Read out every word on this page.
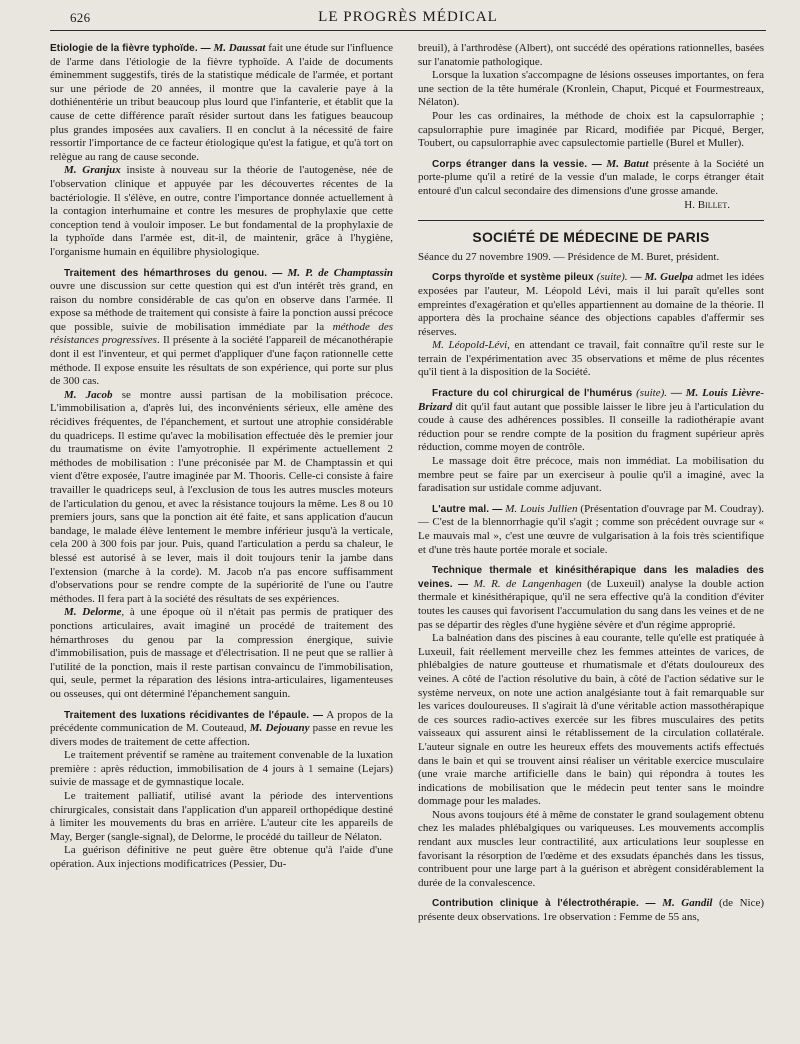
626	LE PROGRÈS MÉDICAL

Etiologie de la fièvre typhoïde. — M. Daussat fait une étude sur l'influence de l'arme dans l'étiologie de la fièvre typhoïde. A l'aide de documents éminemment suggestifs, tirés de la statistique médicale de l'armée, et portant sur une période de 20 années, il montre que la cavalerie paye à la dothiénentérie un tribut beaucoup plus lourd que l'infanterie, et établit que la cause de cette différence paraît résider surtout dans les fatigues beaucoup plus grandes imposées aux cavaliers. Il en conclut à la nécessité de faire ressortir l'importance de ce facteur étiologique qu'est la fatigue, et qu'à tort on relègue au rang de cause seconde.

M. Granjux insiste à nouveau sur la théorie de l'autogenèse, née de l'observation clinique et appuyée par les découvertes récentes de la bactériologie. Il s'élève, en outre, contre l'importance donnée actuellement à la contagion interhumaine et contre les mesures de prophylaxie que cette conception tend à vouloir imposer. Le but fondamental de la prophylaxie de la typhoïde dans l'armée est, dit-il, de maintenir, grâce à l'hygiène, l'organisme humain en équilibre physiologique.

Traitement des hémarthroses du genou. — M. P. de Champtassin ouvre une discussion sur cette question qui est d'un intérêt très grand, en raison du nombre considérable de cas qu'on en observe dans l'armée. Il expose sa méthode de traitement qui consiste à faire la ponction aussi précoce que possible, suivie de mobilisation immédiate par la méthode des résistances progressives. Il présente à la société l'appareil de mécanothérapie dont il est l'inventeur, et qui permet d'appliquer d'une façon rationnelle cette méthode. Il expose ensuite les résultats de son expérience, qui porte sur plus de 300 cas.

M. Jacob se montre aussi partisan de la mobilisation précoce. L'immobilisation a, d'après lui, des inconvénients sérieux, elle amène des récidives fréquentes, de l'épanchement, et surtout une atrophie considérable du quadriceps. Il estime qu'avec la mobilisation effectuée dès le premier jour du traumatisme on évite l'amyotrophie. Il expérimente actuellement 2 méthodes de mobilisation : l'une préconisée par M. de Champtassin et qui vient d'être exposée, l'autre imaginée par M. Thooris. Celle-ci consiste à faire travailler le quadriceps seul, à l'exclusion de tous les autres muscles moteurs de l'articulation du genou, et avec la résistance toujours la même. Les 8 ou 10 premiers jours, sans que la ponction ait été faite, et sans application d'aucun bandage, le malade élève lentement le membre inférieur jusqu'à la verticale, cela 200 à 300 fois par jour. Puis, quand l'articulation a perdu sa chaleur, le blessé est autorisé à se lever, mais il doit toujours tenir la jambe dans l'extension (marche à la corde). M. Jacob n'a pas encore suffisamment d'observations pour se rendre compte de la supériorité de l'une ou l'autre méthodes. Il fera part à la société des résultats de ses expériences.

M. Delorme, à une époque où il n'était pas permis de pratiquer des ponctions articulaires, avait imaginé un procédé de traitement des hémarthroses du genou par la compression énergique, suivie d'immobilisation, puis de massage et d'électrisation. Il ne peut que se rallier à l'utilité de la ponction, mais il reste partisan convaincu de l'immobilisation, qui, seule, permet la réparation des lésions intra-articulaires, ligamenteuses ou osseuses, qui ont déterminé l'épanchement sanguin.

Traitement des luxations récidivantes de l'épaule. — A propos de la précédente communication de M. Couteaud, M. Dejouany passe en revue les divers modes de traitement de cette affection.

Le traitement préventif se ramène au traitement convenable de la luxation première : après réduction, immobilisation de 4 jours à 1 semaine (Lejars) suivie de massage et de gymnastique locale.

Le traitement palliatif, utilisé avant la période des interventions chirurgicales, consistait dans l'application d'un appareil orthopédique destiné à limiter les mouvements du bras en arrière. L'auteur cite les appareils de May, Berger (sangle-signal), de Delorme, le procédé du tailleur de Nélaton.

La guérison définitive ne peut guère être obtenue qu'à l'aide d'une opération. Aux injections modificatrices (Pessier, Du-

breuil), à l'arthrodèse (Albert), ont succédé des opérations rationnelles, basées sur l'anatomie pathologique.

Lorsque la luxation s'accompagne de lésions osseuses importantes, on fera une section de la tête humérale (Kronlein, Chaput, Picqué et Fourmestreaux, Nélaton).

Pour les cas ordinaires, la méthode de choix est la capsulorraphie ; capsulorraphie pure imaginée par Ricard, modifiée par Picqué, Berger, Toubert, ou capsulorraphie avec capsulectomie partielle (Burel et Muller).

Corps étranger dans la vessie. — M. Batut présente à la Société un porte-plume qu'il a retiré de la vessie d'un malade, le corps étranger était entouré d'un calcul secondaire des dimensions d'une grosse amande.

H. Billet.

SOCIÉTÉ DE MÉDECINE DE PARIS

Séance du 27 novembre 1909. — Présidence de M. Buret, président.

Corps thyroïde et système pileux (suite). — M. Guelpa admet les idées exposées par l'auteur, M. Léopold Lévi, mais il lui paraît qu'elles sont empreintes d'exagération et qu'elles appartiennent au domaine de la théorie. Il apportera dès la prochaine séance des objections capables d'affermir ses réserves.

M. Léopold-Lévi, en attendant ce travail, fait connaître qu'il reste sur le terrain de l'expérimentation avec 35 observations et même de plus récentes qu'il tient à la disposition de la Société.

Fracture du col chirurgical de l'humérus (suite). — M. Louis Lièvre-Brizard dit qu'il faut autant que possible laisser le libre jeu à l'articulation du coude à cause des adhérences possibles. Il conseille la radiothérapie avant réduction pour se rendre compte de la position du fragment supérieur après réduction, comme moyen de contrôle.

Le massage doit être précoce, mais non immédiat. La mobilisation du membre peut se faire par un exerciseur à poulie qu'il a imaginé, avec la faradisation sur ustidale comme adjuvant.

L'autre mal. — M. Louis Jullien (Présentation d'ouvrage par M. Coudray). — C'est de la blennorrhagie qu'il s'agit ; comme son précédent ouvrage sur « Le mauvais mal », c'est une œuvre de vulgarisation à la fois très scientifique et d'une très haute portée morale et sociale.

Technique thermale et kinésithérapique dans les maladies des veines. — M. R. de Langenhagen (de Luxeuil) analyse la double action thermale et kinésithérapique, qu'il ne sera effective qu'à la condition d'éviter toutes les causes qui favorisent l'accumulation du sang dans les veines et de ne pas se départir des règles d'une hygiène sévère et d'un régime approprié.

La balnéation dans des piscines à eau courante, telle qu'elle est pratiquée à Luxeuil, fait réellement merveille chez les femmes atteintes de varices, de phlébalgies de nature goutteuse et rhumatismale et d'états douloureux des veines. A côté de l'action résolutive du bain, à côté de l'action sédative sur le système nerveux, on note une action analgésiante tout à fait remarquable sur les varices douloureuses. Il s'agirait là d'une véritable action massothérapique de ces sources radio-actives exercée sur les fibres musculaires des petits vaisseaux qui assurent ainsi le rétablissement de la circulation collatérale. L'auteur signale en outre les heureux effets des mouvements actifs effectués dans le bain et qui se trouvent ainsi réaliser un véritable exercice musculaire (une vraie marche artificielle dans le bain) qui répondra à toutes les indications de mobilisation que le médecin peut tenter sans le moindre dommage pour les malades.

Nous avons toujours été à même de constater le grand soulagement obtenu chez les malades phlébalgiques ou variqueuses. Les mouvements accomplis rendant aux muscles leur contractilité, aux articulations leur souplesse en favorisant la résorption de l'œdème et des exsudats épanchés dans les tissus, contribuent pour une large part à la guérison et abrègent considérablement la durée de la convalescence.

Contribution clinique à l'électrothérapie. — M. Gandil (de Nice) présente deux observations. 1re observation : Femme de 55 ans,
